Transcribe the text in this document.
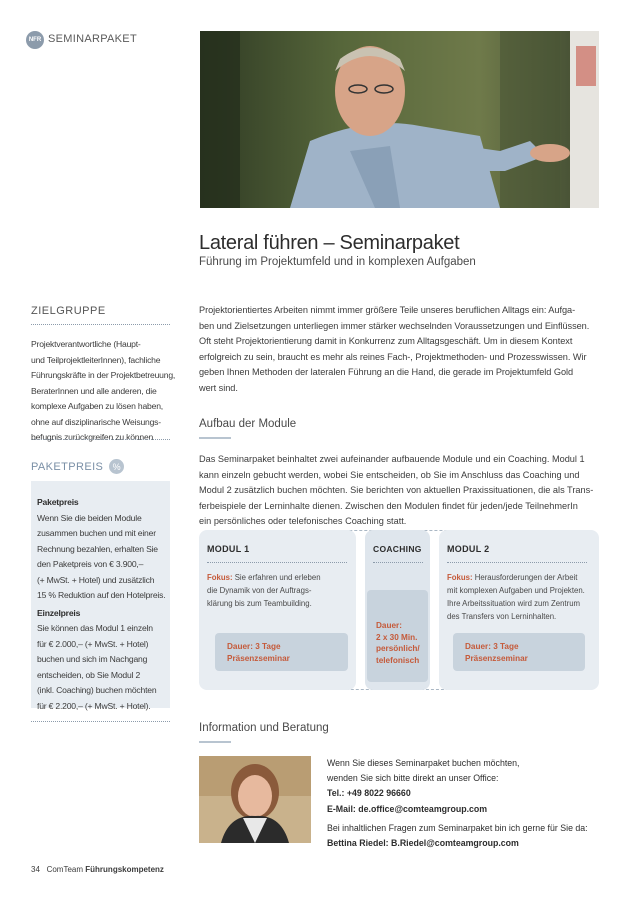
NFR SEMINARPAKET
Lateral führen – Seminarpaket
Führung im Projektumfeld und in komplexen Aufgaben
ZIELGRUPPE
Projektverantwortliche (Haupt-
und TeilprojektleiterInnen), fachliche
Führungskräfte in der Projektbetreuung,
BeraterInnen und alle anderen, die
komplexe Aufgaben zu lösen haben,
ohne auf disziplinarische Weisungs-
befugnis zurückgreifen zu können
PAKETPREIS	%
Paketpreis
Wenn Sie die beiden Module
zusammen buchen und mit einer
Rechnung bezahlen, erhalten Sie
den Paketpreis von € 3.900,–
(+ MwSt. + Hotel) und zusätzlich
15 % Reduktion auf den Hotelpreis.
Einzelpreis
Sie können das Modul 1 einzeln
für € 2.000,– (+ MwSt. + Hotel)
buchen und sich im Nachgang
entscheiden, ob Sie Modul 2
(inkl. Coaching) buchen möchten
für € 2.200,– (+ MwSt. + Hotel).
Projektorientiertes Arbeiten nimmt immer größere Teile unseres beruflichen Alltags ein: Aufga-
ben und Zielsetzungen unterliegen immer stärker wechselnden Voraussetzungen und Einflüssen.
Oft steht Projektorientierung damit in Konkurrenz zum Alltagsgeschäft. Um in diesem Kontext
erfolgreich zu sein, braucht es mehr als reines Fach-, Projektmethoden- und Prozesswissen. Wir
geben Ihnen Methoden der lateralen Führung an die Hand, die gerade im Projektumfeld Gold
wert sind.
Aufbau der Module
Das Seminarpaket beinhaltet zwei aufeinander aufbauende Module und ein Coaching. Modul 1
kann einzeln gebucht werden, wobei Sie entscheiden, ob Sie im Anschluss das Coaching und
Modul 2 zusätzlich buchen möchten. Sie berichten von aktuellen Praxissituationen, die als Trans-
ferbeispiele der Lerninhalte dienen. Zwischen den Modulen findet für jeden/jede TeilnehmerIn
ein persönliches oder telefonisches Coaching statt.
MODUL 1
Fokus: Sie erfahren und erleben
die Dynamik von der Auftrags-
klärung bis zum Teambuilding.
Dauer: 3 Tage
Präsenzseminar
COACHING
Dauer:
2 x 30 Min.
persönlich/
telefonisch
MODUL 2
Fokus: Herausforderungen der Arbeit
mit komplexen Aufgaben und Projekten.
Ihre Arbeitssituation wird zum Zentrum
des Transfers von Lerninhalten.
Dauer: 3 Tage
Präsenzseminar
Information und Beratung
Wenn Sie dieses Seminarpaket buchen möchten,
wenden Sie sich bitte direkt an unser Office:
Tel.: +49 8022 96660
E-Mail: de.office@comteamgroup.com
Bei inhaltlichen Fragen zum Seminarpaket bin ich gerne für Sie da:
Bettina Riedel: B.Riedel@comteamgroup.com
34 ComTeam Führungskompetenz
